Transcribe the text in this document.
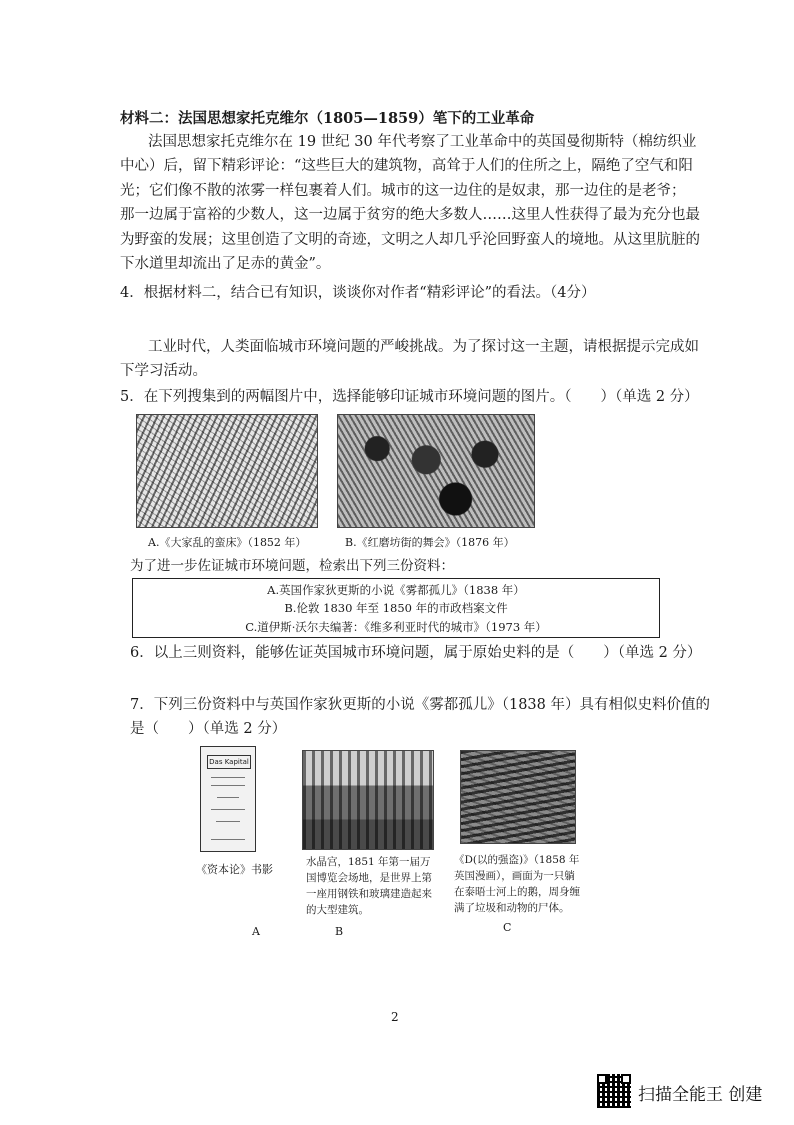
材料二：法国思想家托克维尔（1805—1859）笔下的工业革命
法国思想家托克维尔在 19 世纪 30 年代考察了工业革命中的英国曼彻斯特（棉纺织业
中心）后，留下精彩评论：“这些巨大的建筑物，高耸于人们的住所之上，隔绝了空气和阳
光；它们像不散的浓雾一样包裹着人们。城市的这一边住的是奴隶，那一边住的是老爷；
那一边属于富裕的少数人，这一边属于贫穷的绝大多数人……这里人性获得了最为充分也最
为野蛮的发展；这里创造了文明的奇迹，文明之人却几乎沦回野蛮人的境地。从这里肮脏的
下水道里却流出了足赤的黄金”。
4．根据材料二，结合已有知识，谈谈你对作者“精彩评论”的看法。（4分）
工业时代，人类面临城市环境问题的严峻挑战。为了探讨这一主题，请根据提示完成如
下学习活动。
5．在下列搜集到的两幅图片中，选择能够印证城市环境问题的图片。（　　）（单选 2 分）
A.《大家乱的蛮床》（1852 年）	B.《红磨坊街的舞会》（1876 年）
为了进一步佐证城市环境问题，检索出下列三份资料：
A.英国作家狄更斯的小说《雾都孤儿》（1838 年）
B.伦敦 1830 年至 1850 年的市政档案文件
C.道伊斯·沃尔夫编著：《维多利亚时代的城市》（1973 年）
6．以上三则资料，能够佐证英国城市环境问题，属于原始史料的是（　　）（单选 2 分）
7．下列三份资料中与英国作家狄更斯的小说《雾都孤儿》（1838 年）具有相似史料价值的
是（　　）（单选 2 分）
Das Kapital
《资本论》书影
A
水晶宫，1851 年第一届万国博览会场地，是世界上第一座用钢铁和玻璃建造起来的大型建筑。
B
《D(以的强盗)》（1858 年英国漫画），画面为一只躺在泰晤士河上的鹅，周身缠满了垃圾和动物的尸体。
C
2
扫描全能王 创建
